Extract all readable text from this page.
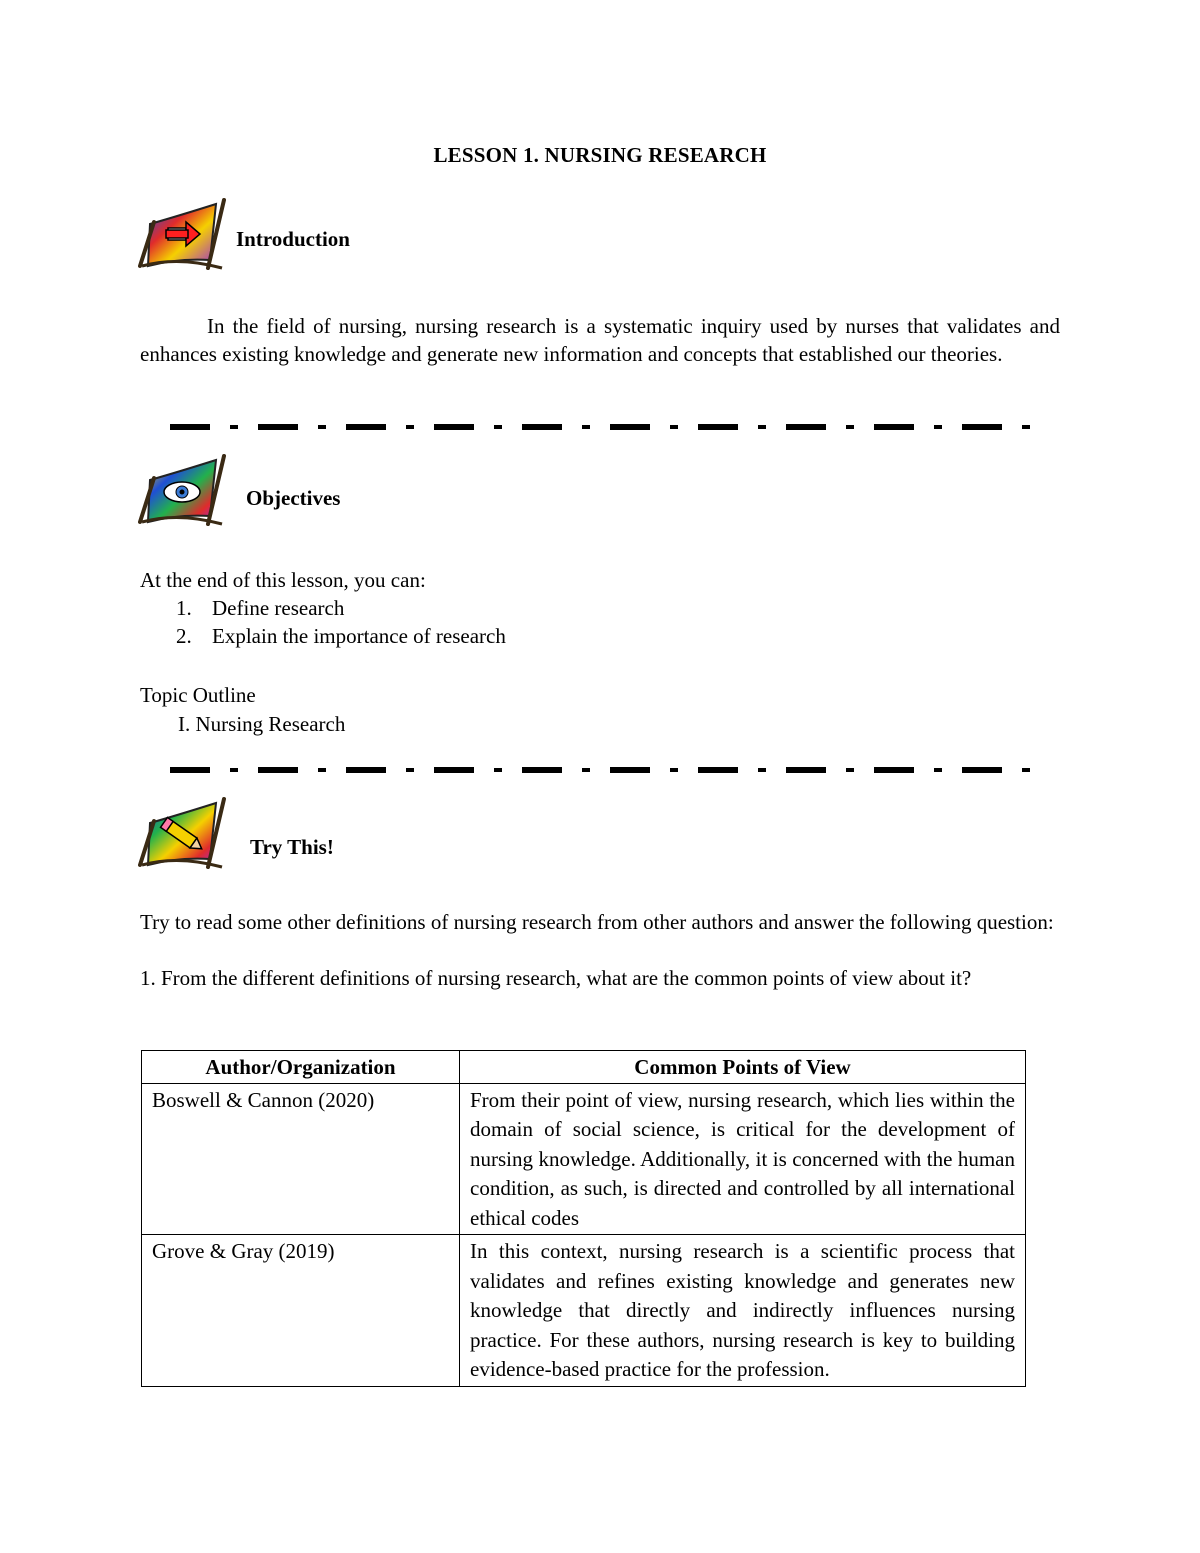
LESSON 1. NURSING RESEARCH
Introduction
In the field of nursing, nursing research is a systematic inquiry used by nurses that validates and enhances existing knowledge and generate new information and concepts that established our theories.
Objectives
At the end of this lesson, you can:
1. Define research
2. Explain the importance of research
Topic Outline
I. Nursing Research
Try This!
Try to read some other definitions of nursing research from other authors and answer the following question:
1. From the different definitions of nursing research, what are the common points of view about it?
Author/Organization	Common Points of View
Boswell & Cannon (2020)	From their point of view, nursing research, which lies within the domain of social science, is critical for the development of nursing knowledge. Additionally, it is concerned with the human condition, as such, is directed and controlled by all international ethical codes
Grove & Gray (2019)	In this context, nursing research is a scientific process that validates and refines existing knowledge and generates new knowledge that directly and indirectly influences nursing practice. For these authors, nursing research is key to building evidence-based practice for the profession.
